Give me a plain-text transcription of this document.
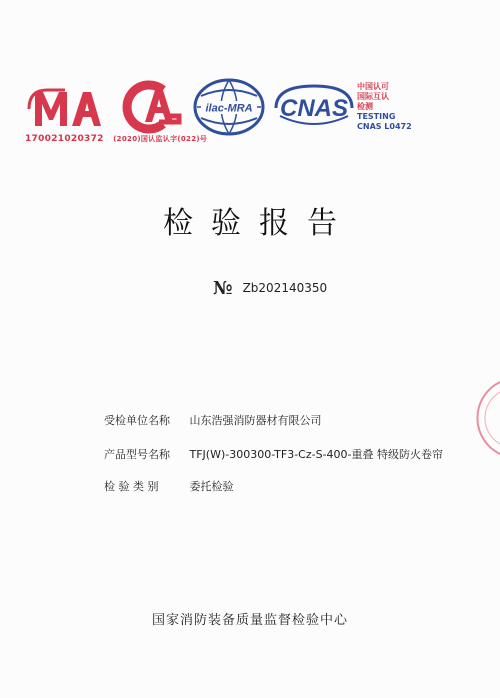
ilac-MRA CNAS
170021020372 (2020)国认监认字(022)号
中国认可
国际互认
检测
TESTING
CNAS L0472
检验报告
№ Zb202140350
受检单位名称 山东浩强消防器材有限公司
产品型号名称 TFJ(W)-300300-TF3-Cz-S-400-重叠 特级防火卷帘
检 验 类 别	委托检验
国家消防装备质量监督检验中心
